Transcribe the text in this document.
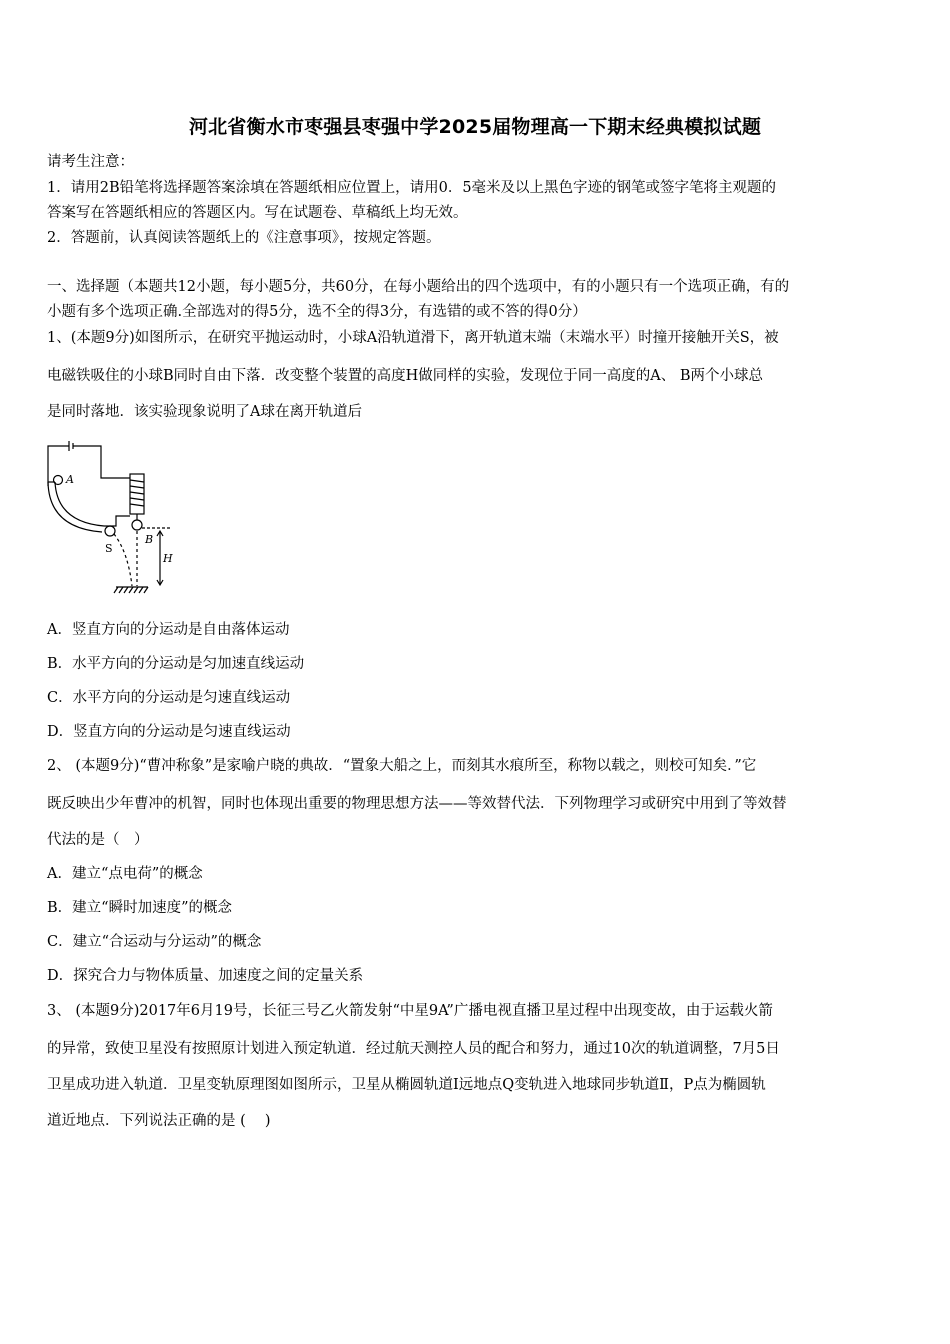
河北省衡水市枣强县枣强中学2025届物理高一下期末经典模拟试题
请考生注意：
1．请用2B铅笔将选择题答案涂填在答题纸相应位置上，请用0．5毫米及以上黑色字迹的钢笔或签字笔将主观题的
答案写在答题纸相应的答题区内。写在试题卷、草稿纸上均无效。
2．答题前，认真阅读答题纸上的《注意事项》，按规定答题。
一、选择题（本题共12小题，每小题5分，共60分，在每小题给出的四个选项中，有的小题只有一个选项正确，有的
小题有多个选项正确.全部选对的得5分，选不全的得3分，有选错的或不答的得0分）
1、(本题9分)如图所示，在研究平抛运动时，小球A沿轨道滑下，离开轨道末端（末端水平）时撞开接触开关S，被
电磁铁吸住的小球B同时自由下落．改变整个装置的高度H做同样的实验，发现位于同一高度的A、 B两个小球总
是同时落地．该实验现象说明了A球在离开轨道后
A
B
H
S
A．竖直方向的分运动是自由落体运动
B．水平方向的分运动是匀加速直线运动
C．水平方向的分运动是匀速直线运动
D．竖直方向的分运动是匀速直线运动
2、 (本题9分)“曹冲称象”是家喻户晓的典故．“置象大船之上，而刻其水痕所至，称物以载之，则校可知矣．”它
既反映出少年曹冲的机智，同时也体现出重要的物理思想方法——等效替代法．下列物理学习或研究中用到了等效替
代法的是（　）
A．建立“点电荷”的概念
B．建立“瞬时加速度”的概念
C．建立“合运动与分运动”的概念
D．探究合力与物体质量、加速度之间的定量关系
3、 (本题9分)2017年6月19号，长征三号乙火箭发射“中星9A”广播电视直播卫星过程中出现变故，由于运载火箭
的异常，致使卫星没有按照原计划进入预定轨道．经过航天测控人员的配合和努力，通过10次的轨道调整，7月5日
卫星成功进入轨道．卫星变轨原理图如图所示，卫星从椭圆轨道Ⅰ远地点Q变轨进入地球同步轨道Ⅱ，P点为椭圆轨
道近地点．下列说法正确的是 (　 )
